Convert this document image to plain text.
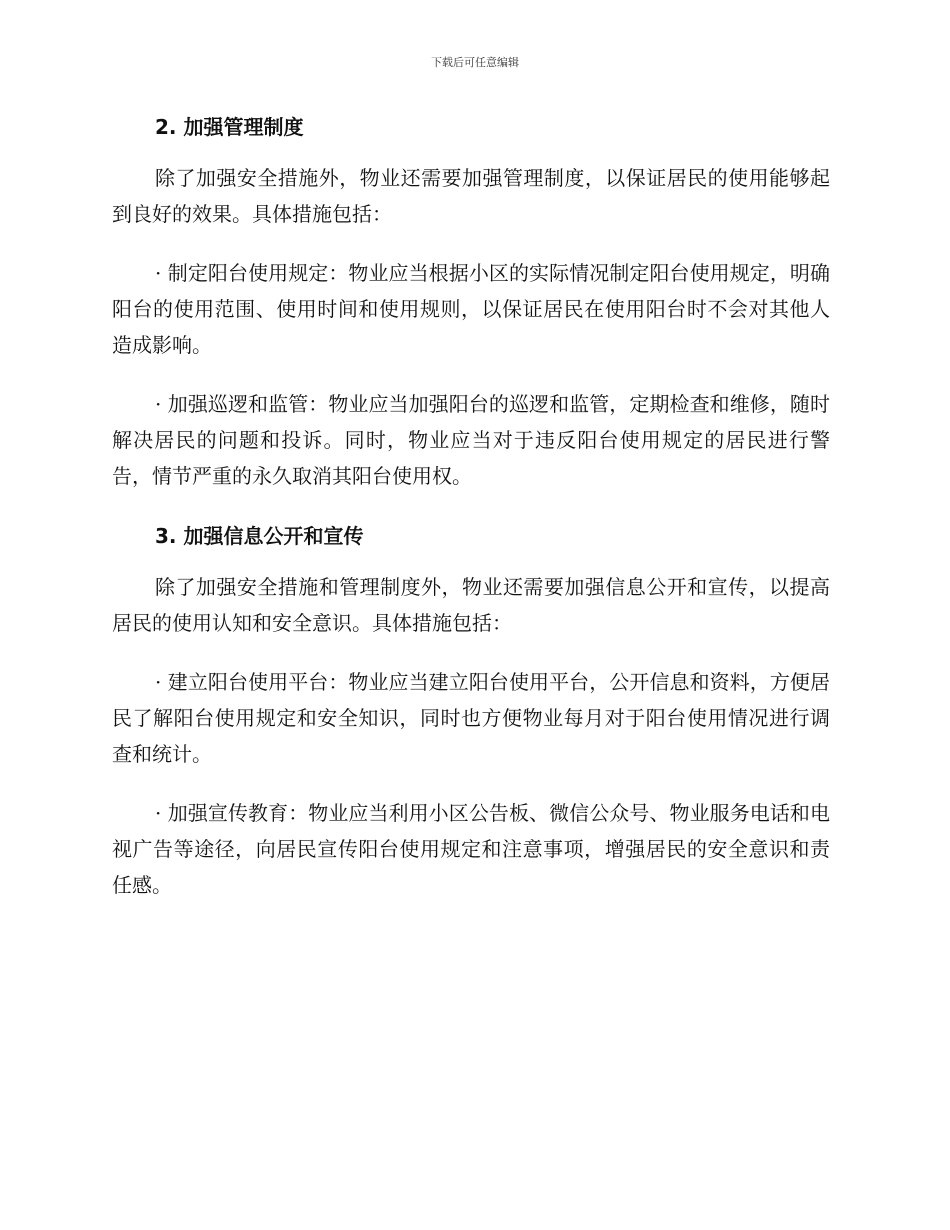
下载后可任意编辑
2. 加强管理制度

除了加强安全措施外，物业还需要加强管理制度，以保证居民的使用能够起到良好的效果。具体措施包括：

· 制定阳台使用规定：物业应当根据小区的实际情况制定阳台使用规定，明确阳台的使用范围、使用时间和使用规则，以保证居民在使用阳台时不会对其他人造成影响。

· 加强巡逻和监管：物业应当加强阳台的巡逻和监管，定期检查和维修，随时解决居民的问题和投诉。同时，物业应当对于违反阳台使用规定的居民进行警告，情节严重的永久取消其阳台使用权。

3. 加强信息公开和宣传

除了加强安全措施和管理制度外，物业还需要加强信息公开和宣传，以提高居民的使用认知和安全意识。具体措施包括：

· 建立阳台使用平台：物业应当建立阳台使用平台，公开信息和资料，方便居民了解阳台使用规定和安全知识，同时也方便物业每月对于阳台使用情况进行调查和统计。

· 加强宣传教育：物业应当利用小区公告板、微信公众号、物业服务电话和电视广告等途径，向居民宣传阳台使用规定和注意事项，增强居民的安全意识和责任感。
